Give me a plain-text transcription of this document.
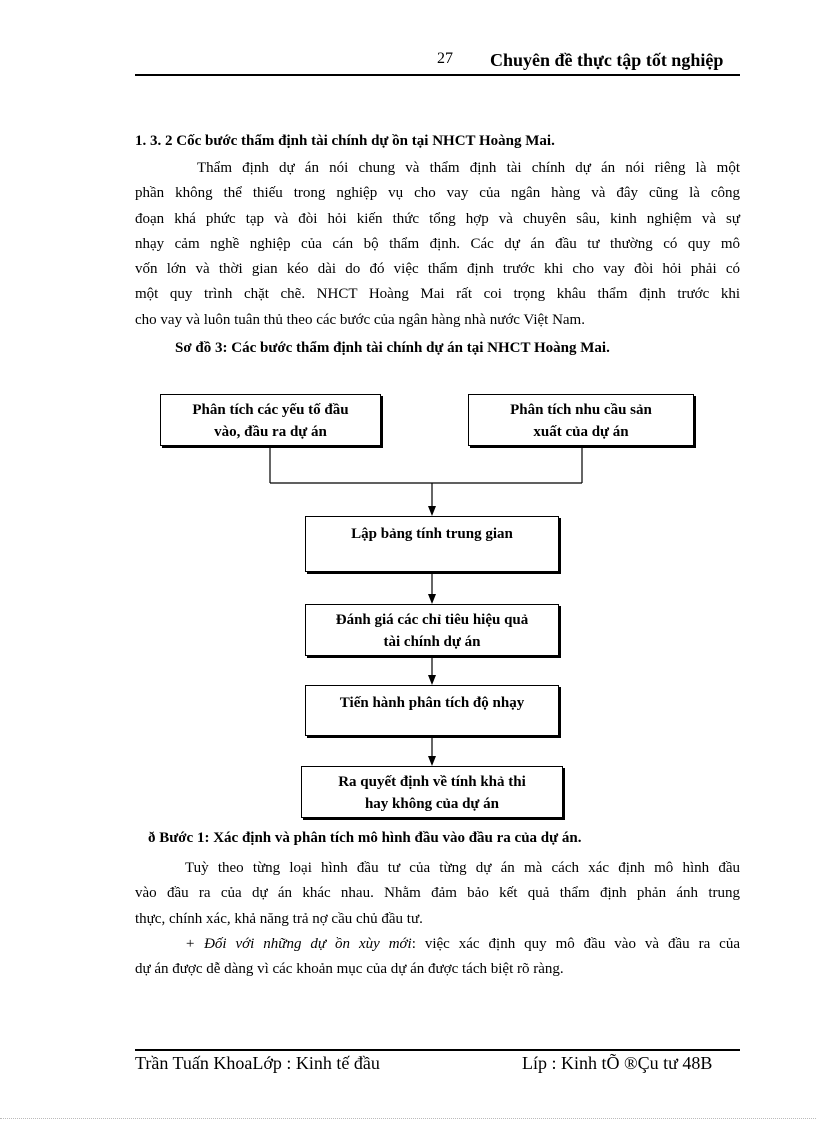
27 Chuyên đề thực tập tốt nghiệp
1. 3. 2 Cốc bước thẩm định tài chính dự ồn tại NHCT Hoàng Mai.
Thẩm định dự án nói chung và thẩm định tài chính dự án nói riêng là một
phần không thể thiếu trong nghiệp vụ cho vay của ngân hàng và đây cũng là công
đoạn khá phức tạp và đòi hỏi kiến thức tổng hợp và chuyên sâu, kinh nghiệm và sự
nhạy cảm nghề nghiệp của cán bộ thẩm định. Các dự án đầu tư thường có quy mô
vốn lớn và thời gian kéo dài do đó việc thẩm định trước khi cho vay đòi hỏi phải có
một quy trình chặt chẽ. NHCT Hoàng Mai rất coi trọng khâu thẩm định trước khi
cho vay và luôn tuân thủ theo các bước của ngân hàng nhà nước Việt Nam.
Sơ đồ 3: Các bước thẩm định tài chính dự án tại NHCT Hoàng Mai.
Phân tích các yếu tố đầu
vào, đầu ra dự án
Phân tích nhu cầu sản
xuất của dự án
Lập bảng tính trung gian
Đánh giá các chỉ tiêu hiệu quả
tài chính dự án
Tiến hành phân tích độ nhạy
Ra quyết định về tính khả thi
hay không của dự án
ð Bước 1: Xác định và phân tích mô hình đầu vào đầu ra của dự án.
Tuỳ theo từng loại hình đầu tư của từng dự án mà cách xác định mô hình đầu
vào đầu ra của dự án khác nhau. Nhằm đảm bảo kết quả thẩm định phản ánh trung
thực, chính xác, khả năng trả nợ cầu chủ đầu tư.
+ Đối với những dự ồn xùy mới: việc xác định quy mô đầu vào và đầu ra của
dự án được dễ dàng vì các khoản mục của dự án được tách biệt rõ ràng.
Trần Tuấn KhoaLớp : Kinh tế đầu	Líp : Kinh tÕ ®Çu tư 48B
